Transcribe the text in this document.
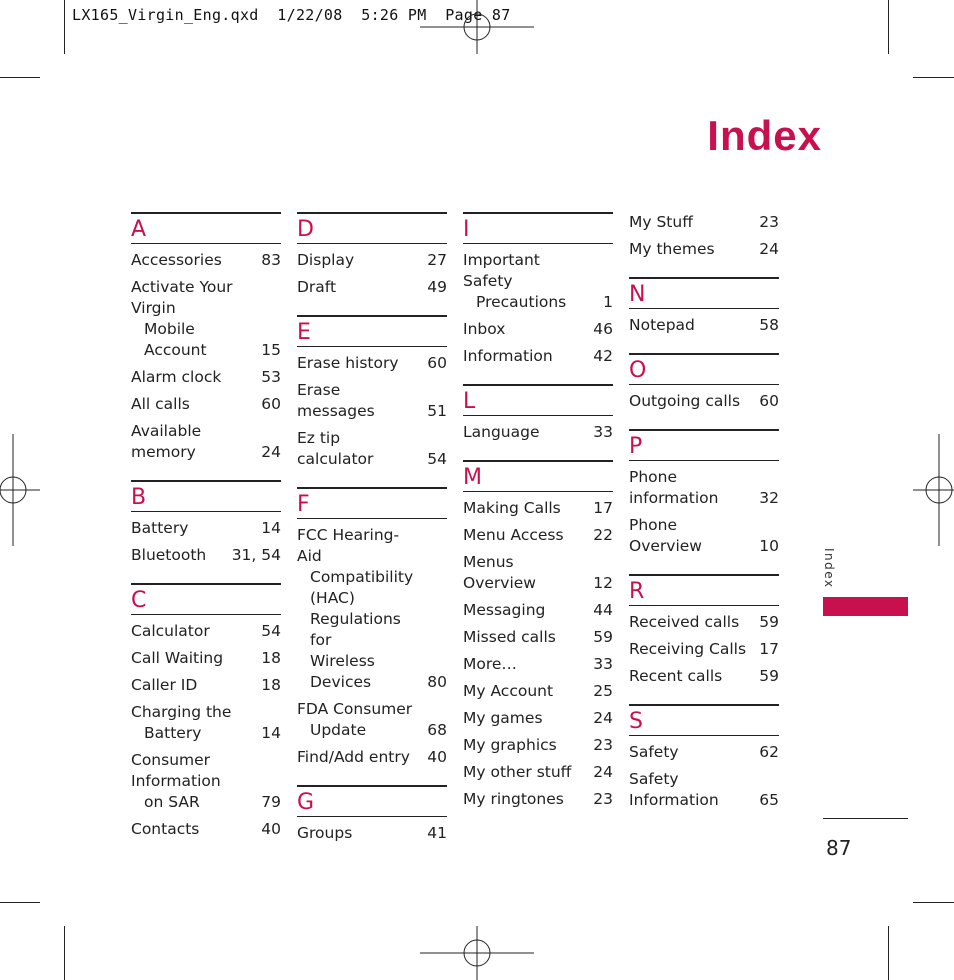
LX165_Virgin_Eng.qxd  1/22/08  5:26 PM  Page 87
Index
A
Accessories	83
Activate Your Virgin
Mobile Account	15
Alarm clock	53
All calls	60
Available memory	24
B
Battery	14
Bluetooth	31, 54
C
Calculator	54
Call Waiting	18
Caller ID	18
Charging the
Battery	14
Consumer Information
on SAR	79
Contacts	40
D
Display	27
Draft	49
E
Erase history	60
Erase messages	51
Ez tip calculator	54
F
FCC Hearing-Aid
Compatibility (HAC)
Regulations for
Wireless Devices	80
FDA Consumer
Update	68
Find/Add entry	40
G
Groups	41
I
Important Safety
Precautions	1
Inbox	46
Information	42
L
Language	33
M
Making Calls	17
Menu Access	22
Menus Overview	12
Messaging	44
Missed calls	59
More…	33
My Account	25
My games	24
My graphics	23
My other stuff	24
My ringtones	23
My Stuff	23
My themes	24
N
Notepad	58
O
Outgoing calls	60
P
Phone information	32
Phone Overview	10
R
Received calls	59
Receiving Calls 17
Recent calls	59
S
Safety	62
Safety Information	65
Index
87
